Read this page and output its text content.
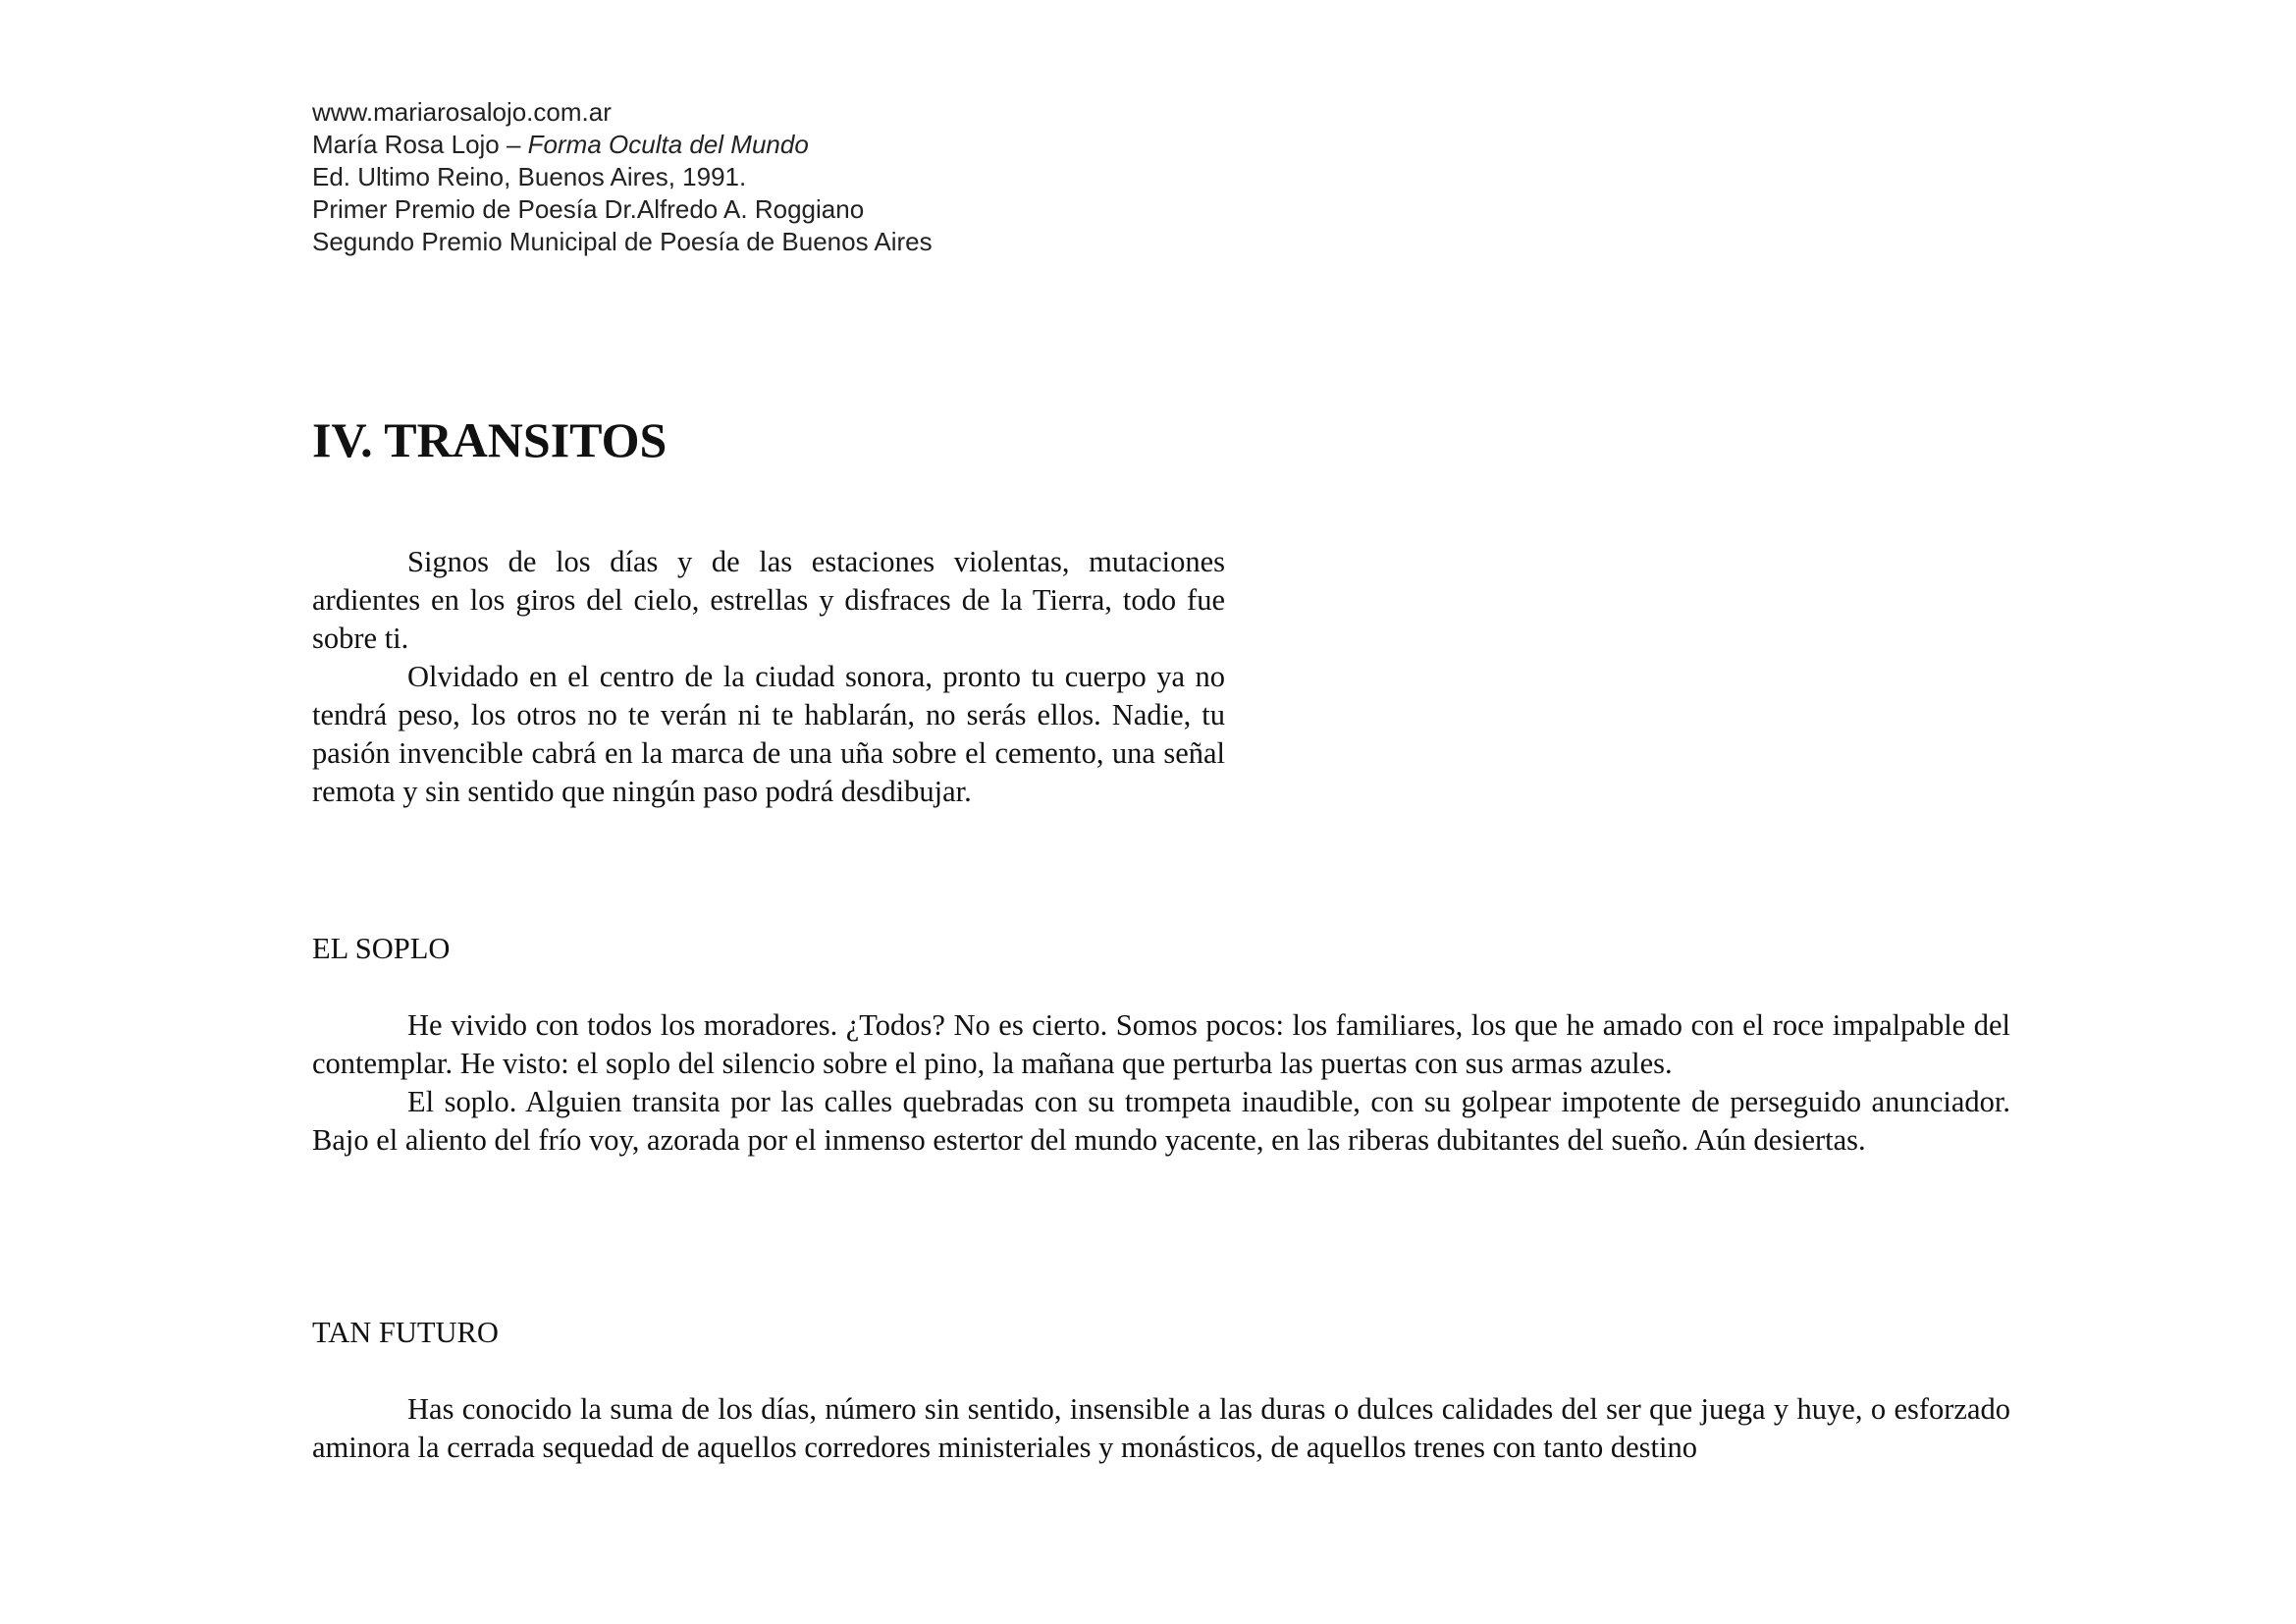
www.mariarosalojo.com.ar
María Rosa Lojo – Forma Oculta del Mundo
Ed. Ultimo Reino, Buenos Aires, 1991.
Primer Premio de Poesía Dr.Alfredo A. Roggiano
Segundo Premio Municipal de Poesía de Buenos Aires
IV. TRANSITOS

Signos de los días y de las estaciones violentas, mutaciones ardientes en los giros del cielo, estrellas y disfraces de la Tierra, todo fue sobre ti.

Olvidado en el centro de la ciudad sonora, pronto tu cuerpo ya no tendrá peso, los otros no te verán ni te hablarán, no serás ellos. Nadie, tu pasión invencible cabrá en la marca de una uña sobre el cemento, una señal remota y sin sentido que ningún paso podrá desdibujar.

EL SOPLO

He vivido con todos los moradores. ¿Todos? No es cierto. Somos pocos: los familiares, los que he amado con el roce impalpable del contemplar. He visto: el soplo del silencio sobre el pino, la mañana que perturba las puertas con sus armas azules.

El soplo. Alguien transita por las calles quebradas con su trompeta inaudible, con su golpear impotente de perseguido anunciador. Bajo el aliento del frío voy, azorada por el inmenso estertor del mundo yacente, en las riberas dubitantes del sueño. Aún desiertas.

TAN FUTURO

Has conocido la suma de los días, número sin sentido, insensible a las duras o dulces calidades del ser que juega y huye, o esforzado aminora la cerrada sequedad de aquellos corredores ministeriales y monásticos, de aquellos trenes con tanto destino
